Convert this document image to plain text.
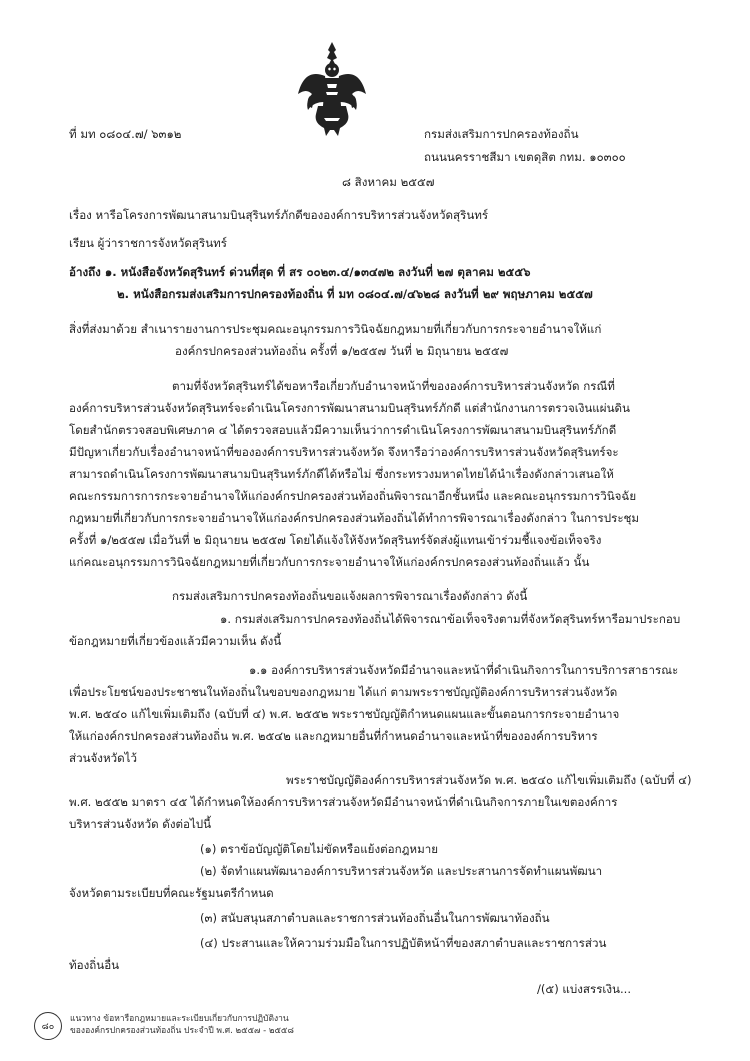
ที่ มท ๐๘๐๔.๗/ ๖๓๑๒	กรมส่งเสริมการปกครองท้องถิ่น
ถนนนครราชสีมา เขตดุสิต กทม. ๑๐๓๐๐
๘ สิงหาคม ๒๕๕๗
เรื่อง หารือโครงการพัฒนาสนามบินสุรินทร์ภักดีขององค์การบริหารส่วนจังหวัดสุรินทร์
เรียน ผู้ว่าราชการจังหวัดสุรินทร์
อ้างถึง ๑. หนังสือจังหวัดสุรินทร์ ด่วนที่สุด ที่ สร ๐๐๒๓.๔/๑๓๔๗๒ ลงวันที่ ๒๗ ตุลาคม ๒๕๕๖
๒. หนังสือกรมส่งเสริมการปกครองท้องถิ่น ที่ มท ๐๘๐๔.๗/๔๖๒๘ ลงวันที่ ๒๙ พฤษภาคม ๒๕๕๗
สิ่งที่ส่งมาด้วย สำเนารายงานการประชุมคณะอนุกรรมการวินิจฉัยกฎหมายที่เกี่ยวกับการกระจายอำนาจให้แก่
องค์กรปกครองส่วนท้องถิ่น ครั้งที่ ๑/๒๕๕๗ วันที่ ๒ มิถุนายน ๒๕๕๗
ตามที่จังหวัดสุรินทร์ได้ขอหารือเกี่ยวกับอำนาจหน้าที่ขององค์การบริหารส่วนจังหวัด กรณีที่
องค์การบริหารส่วนจังหวัดสุรินทร์จะดำเนินโครงการพัฒนาสนามบินสุรินทร์ภักดี แต่สำนักงานการตรวจเงินแผ่นดิน
โดยสำนักตรวจสอบพิเศษภาค ๔ ได้ตรวจสอบแล้วมีความเห็นว่าการดำเนินโครงการพัฒนาสนามบินสุรินทร์ภักดี
มีปัญหาเกี่ยวกับเรื่องอำนาจหน้าที่ขององค์การบริหารส่วนจังหวัด จึงหารือว่าองค์การบริหารส่วนจังหวัดสุรินทร์จะ
สามารถดำเนินโครงการพัฒนาสนามบินสุรินทร์ภักดีได้หรือไม่ ซึ่งกระทรวงมหาดไทยได้นำเรื่องดังกล่าวเสนอให้
คณะกรรมการการกระจายอำนาจให้แก่องค์กรปกครองส่วนท้องถิ่นพิจารณาอีกชั้นหนึ่ง และคณะอนุกรรมการวินิจฉัย
กฎหมายที่เกี่ยวกับการกระจายอำนาจให้แก่องค์กรปกครองส่วนท้องถิ่นได้ทำการพิจารณาเรื่องดังกล่าว ในการประชุม
ครั้งที่ ๑/๒๕๕๗ เมื่อวันที่ ๒ มิถุนายน ๒๕๕๗ โดยได้แจ้งให้จังหวัดสุรินทร์จัดส่งผู้แทนเข้าร่วมชี้แจงข้อเท็จจริง
แก่คณะอนุกรรมการวินิจฉัยกฎหมายที่เกี่ยวกับการกระจายอำนาจให้แก่องค์กรปกครองส่วนท้องถิ่นแล้ว นั้น
กรมส่งเสริมการปกครองท้องถิ่นขอแจ้งผลการพิจารณาเรื่องดังกล่าว ดังนี้
๑. กรมส่งเสริมการปกครองท้องถิ่นได้พิจารณาข้อเท็จจริงตามที่จังหวัดสุรินทร์หารือมาประกอบ
ข้อกฎหมายที่เกี่ยวข้องแล้วมีความเห็น ดังนี้
๑.๑ องค์การบริหารส่วนจังหวัดมีอำนาจและหน้าที่ดำเนินกิจการในการบริการสาธารณะ
เพื่อประโยชน์ของประชาชนในท้องถิ่นในขอบของกฎหมาย ได้แก่ ตามพระราชบัญญัติองค์การบริหารส่วนจังหวัด
พ.ศ. ๒๕๔๐ แก้ไขเพิ่มเติมถึง (ฉบับที่ ๔) พ.ศ. ๒๕๕๒ พระราชบัญญัติกำหนดแผนและขั้นตอนการกระจายอำนาจ
ให้แก่องค์กรปกครองส่วนท้องถิ่น พ.ศ. ๒๕๔๒ และกฎหมายอื่นที่กำหนดอำนาจและหน้าที่ขององค์การบริหาร
ส่วนจังหวัดไว้
พระราชบัญญัติองค์การบริหารส่วนจังหวัด พ.ศ. ๒๕๔๐ แก้ไขเพิ่มเติมถึง (ฉบับที่ ๔)
พ.ศ. ๒๕๕๒ มาตรา ๔๕ ได้กำหนดให้องค์การบริหารส่วนจังหวัดมีอำนาจหน้าที่ดำเนินกิจการภายในเขตองค์การ
บริหารส่วนจังหวัด ดังต่อไปนี้
(๑) ตราข้อบัญญัติโดยไม่ขัดหรือแย้งต่อกฎหมาย
(๒) จัดทำแผนพัฒนาองค์การบริหารส่วนจังหวัด และประสานการจัดทำแผนพัฒนา
จังหวัดตามระเบียบที่คณะรัฐมนตรีกำหนด
(๓) สนับสนุนสภาตำบลและราชการส่วนท้องถิ่นอื่นในการพัฒนาท้องถิ่น
(๔) ประสานและให้ความร่วมมือในการปฏิบัติหน้าที่ของสภาตำบลและราชการส่วน
ท้องถิ่นอื่น
/(๕) แบ่งสรรเงิน...
๘๐
แนวทาง ข้อหารือกฎหมายและระเบียบเกี่ยวกับการปฏิบัติงาน
ขององค์กรปกครองส่วนท้องถิ่น ประจำปี พ.ศ. ๒๕๕๗ - ๒๕๕๘
